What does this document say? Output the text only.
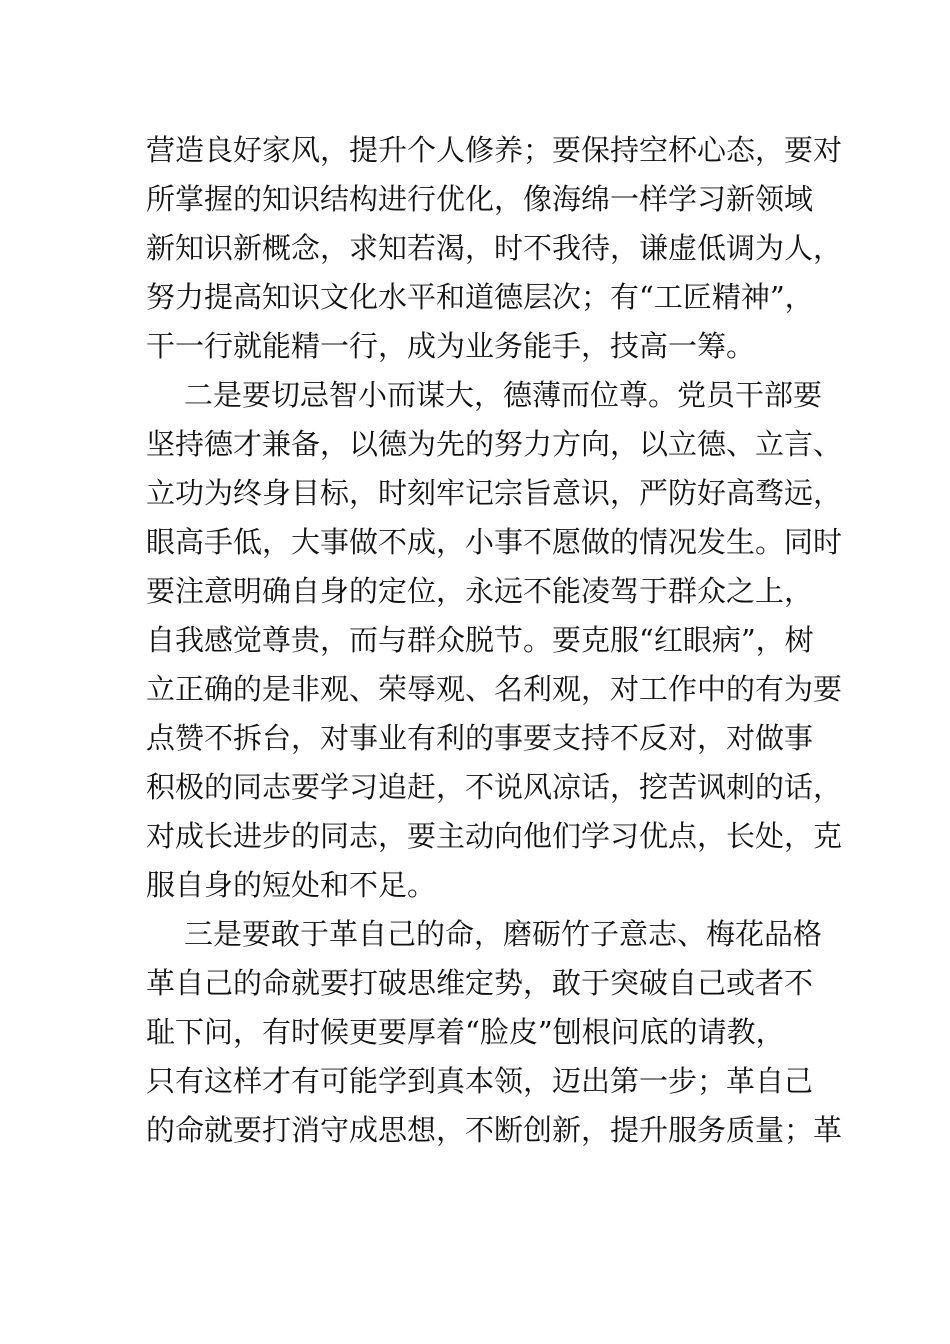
营造良好家风，提升个人修养；要保持空杯心态，要对
所掌握的知识结构进行优化，像海绵一样学习新领域
新知识新概念，求知若渴，时不我待，谦虚低调为人，
努力提高知识文化水平和道德层次；有“工匠精神”，
干一行就能精一行，成为业务能手，技高一筹。
二是要切忌智小而谋大，德薄而位尊。党员干部要
坚持德才兼备，以德为先的努力方向，以立德、立言、
立功为终身目标，时刻牢记宗旨意识，严防好高骛远，
眼高手低，大事做不成，小事不愿做的情况发生。同时
要注意明确自身的定位，永远不能凌驾于群众之上，
自我感觉尊贵，而与群众脱节。要克服“红眼病”，树
立正确的是非观、荣辱观、名利观，对工作中的有为要
点赞不拆台，对事业有利的事要支持不反对，对做事
积极的同志要学习追赶，不说风凉话，挖苦讽刺的话，
对成长进步的同志，要主动向他们学习优点，长处，克
服自身的短处和不足。
三是要敢于革自己的命，磨砺竹子意志、梅花品格
革自己的命就要打破思维定势，敢于突破自己或者不
耻下问，有时候更要厚着“脸皮”刨根问底的请教，
只有这样才有可能学到真本领，迈出第一步；革自己
的命就要打消守成思想，不断创新，提升服务质量；革
